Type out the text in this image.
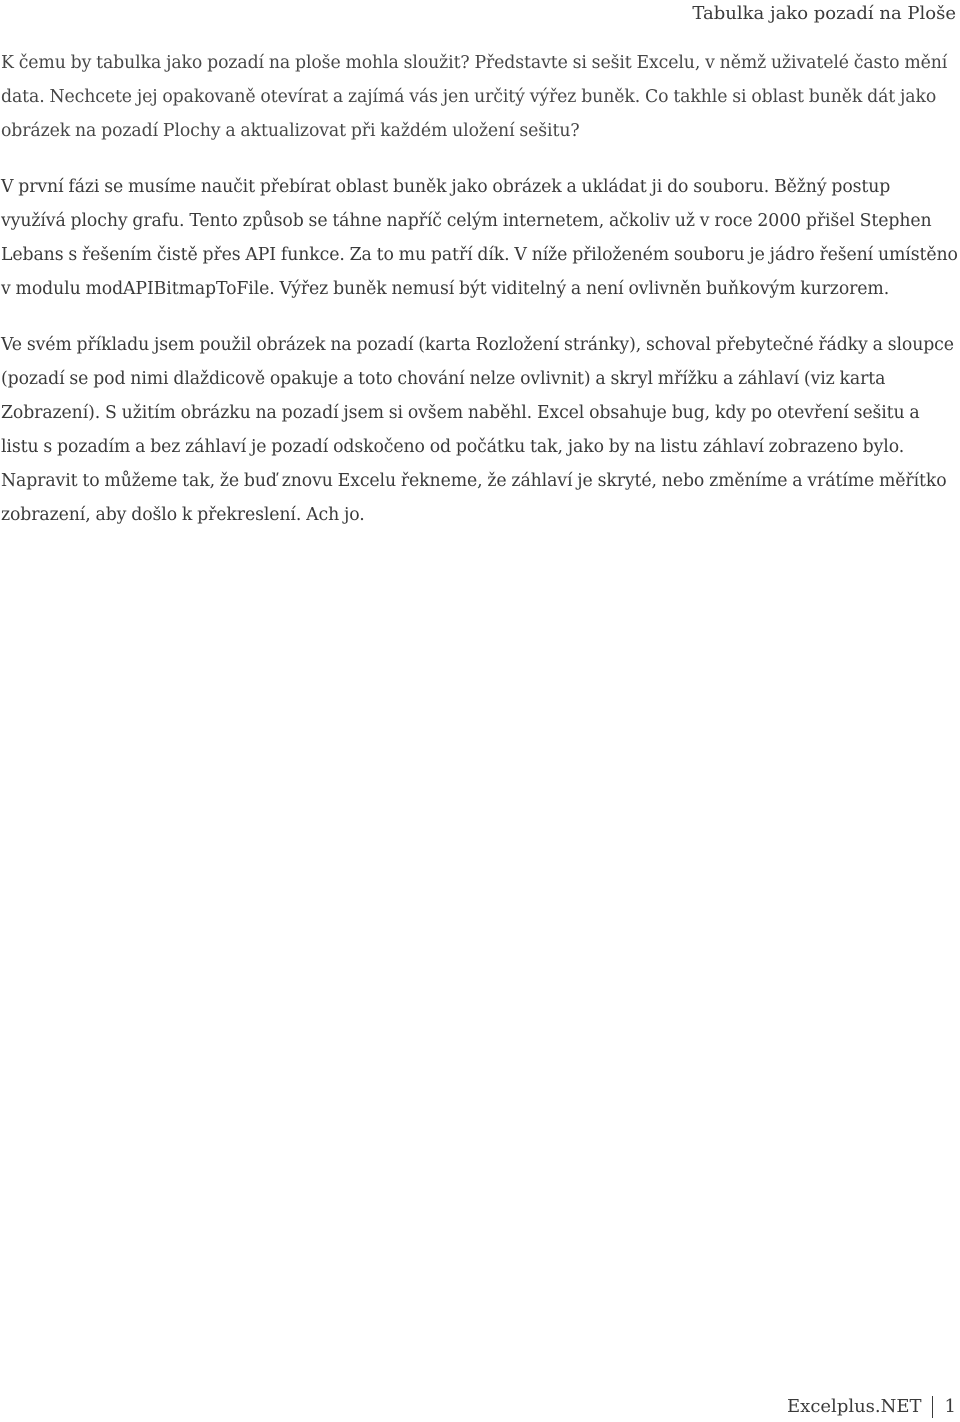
Tabulka jako pozadí na Ploše

K čemu by tabulka jako pozadí na ploše mohla sloužit? Představte si sešit Excelu, v němž uživatelé často mění data. Nechcete jej opakovaně otevírat a zajímá vás jen určitý výřez buněk. Co takhle si oblast buněk dát jako obrázek na pozadí Plochy a aktualizovat při každém uložení sešitu?

V první fázi se musíme naučit přebírat oblast buněk jako obrázek a ukládat ji do souboru. Běžný postup využívá plochy grafu. Tento způsob se táhne napříč celým internetem, ačkoliv už v roce 2000 přišel Stephen Lebans s řešením čistě přes API funkce. Za to mu patří dík. V níže přiloženém souboru je jádro řešení umístěno v modulu modAPIBitmapToFile. Výřez buněk nemusí být viditelný a není ovlivněn buňkovým kurzorem.

Ve svém příkladu jsem použil obrázek na pozadí (karta Rozložení stránky), schoval přebytečné řádky a sloupce (pozadí se pod nimi dlaždicově opakuje a toto chování nelze ovlivnit) a skryl mřížku a záhlaví (viz karta Zobrazení). S užitím obrázku na pozadí jsem si ovšem naběhl. Excel obsahuje bug, kdy po otevření sešitu a listu s pozadím a bez záhlaví je pozadí odskočeno od počátku tak, jako by na listu záhlaví zobrazeno bylo. Napravit to můžeme tak, že buď znovu Excelu řekneme, že záhlaví je skryté, nebo změníme a vrátíme měřítko zobrazení, aby došlo k překreslení. Ach jo.

Excelplus.NET 1
